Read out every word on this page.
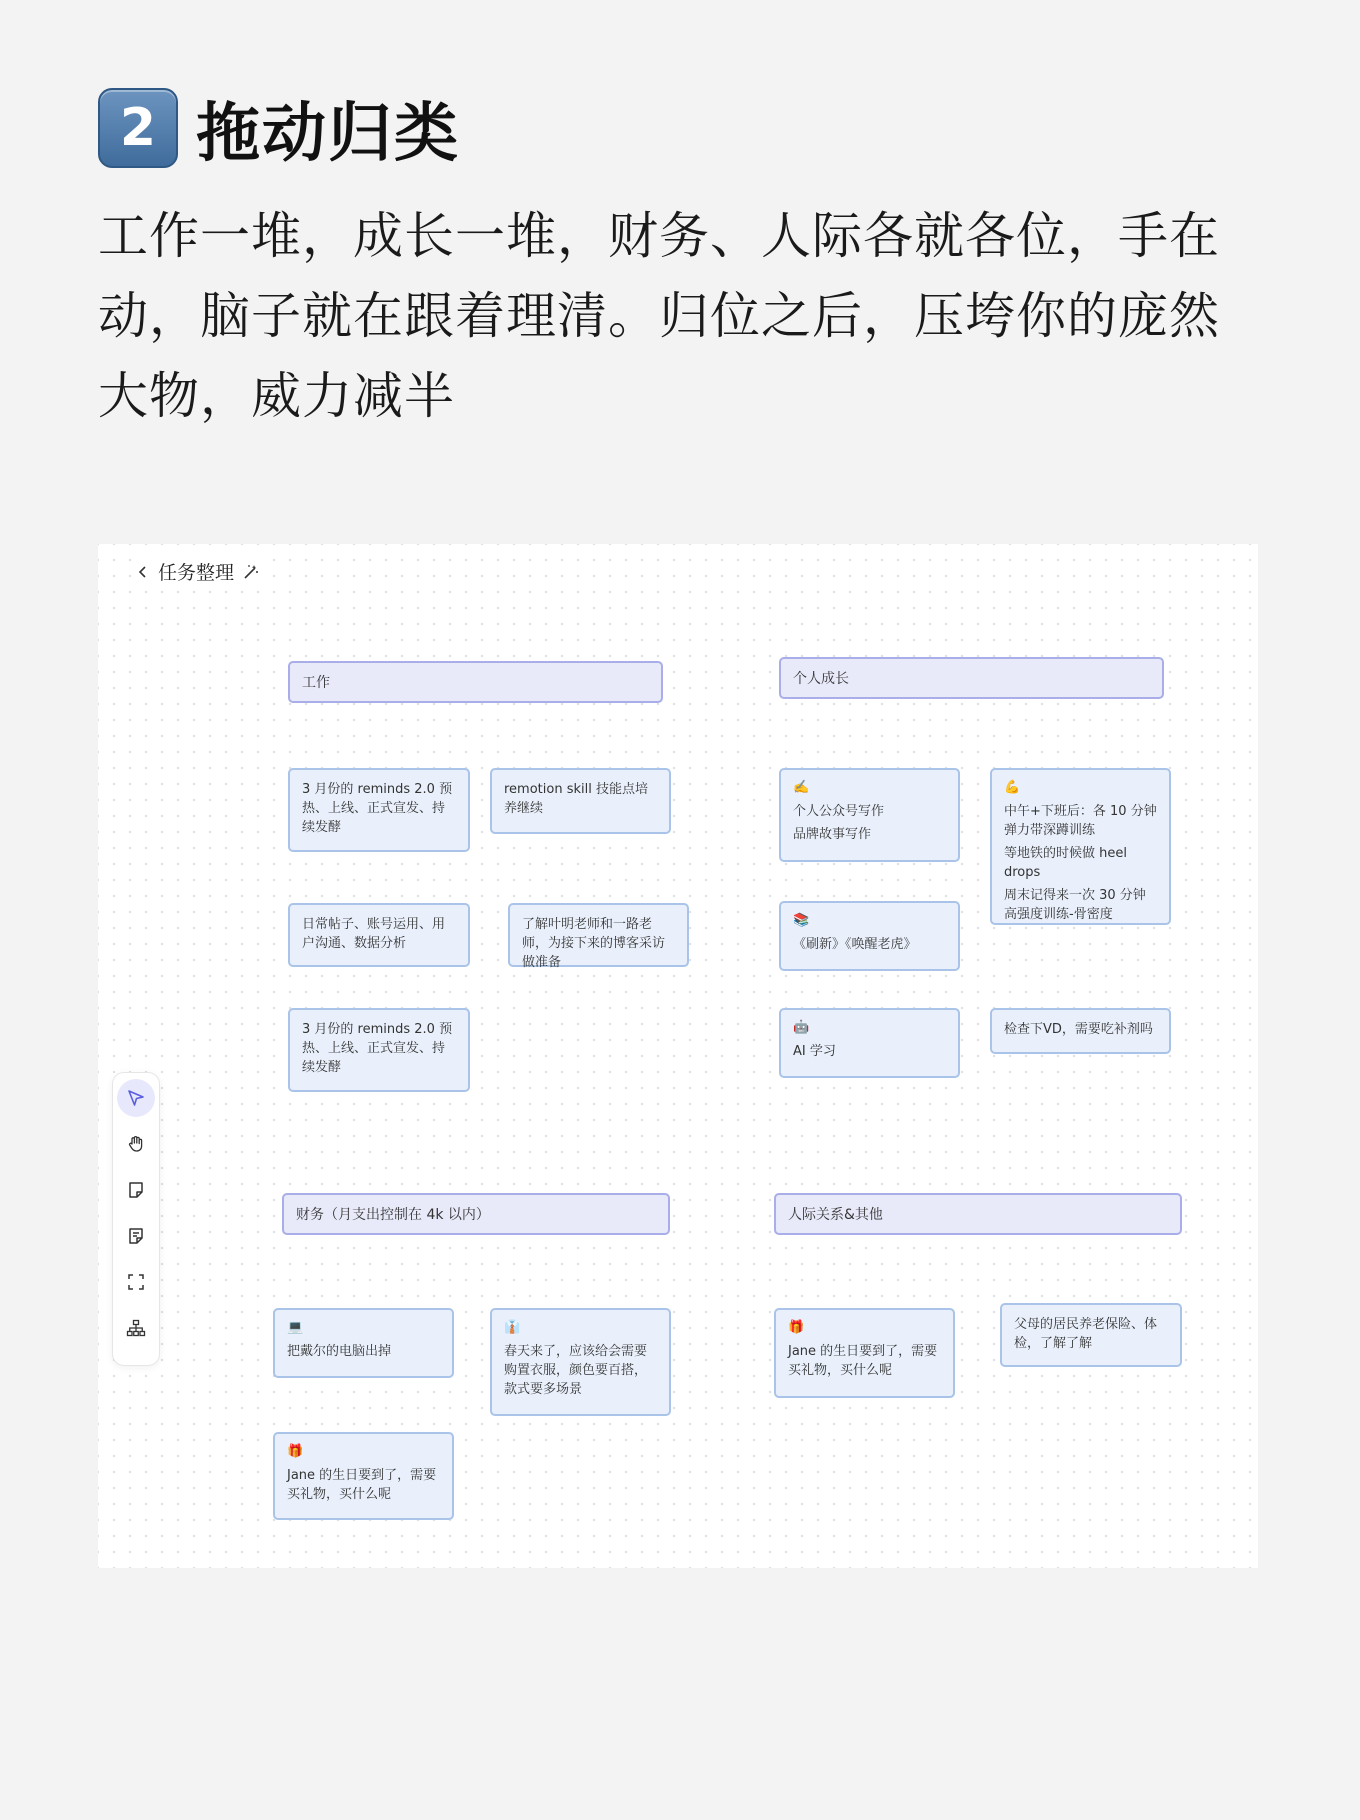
2 拖动归类

工作一堆，成长一堆，财务、人际各就各位，手在动，脑子就在跟着理清。归位之后，压垮你的庞然大物，威力减半

任务整理
工作	个人成长
财务（月支出控制在 4k 以内）	人际关系&其他
3 月份的 reminds 2.0 预热、上线、正式宣发、持续发酵
remotion skill 技能点培养继续
日常帖子、账号运用、用户沟通、数据分析
了解叶明老师和一路老师，为接下来的博客采访做准备
3 月份的 reminds 2.0 预热、上线、正式宣发、持续发酵
✍️
个人公众号写作
品牌故事写作
💪
中午+下班后：各 10 分钟弹力带深蹲训练
等地铁的时候做 heel drops
周末记得来一次 30 分钟高强度训练-骨密度
📚
《刷新》《唤醒老虎》
🤖
AI 学习
检查下VD，需要吃补剂吗
💻
把戴尔的电脑出掉
👔
春天来了，应该给会需要购置衣服，颜色要百搭，款式要多场景
🎁
Jane 的生日要到了，需要买礼物，买什么呢
🎁
Jane 的生日要到了，需要买礼物，买什么呢
父母的居民养老保险、体检，了解了解
